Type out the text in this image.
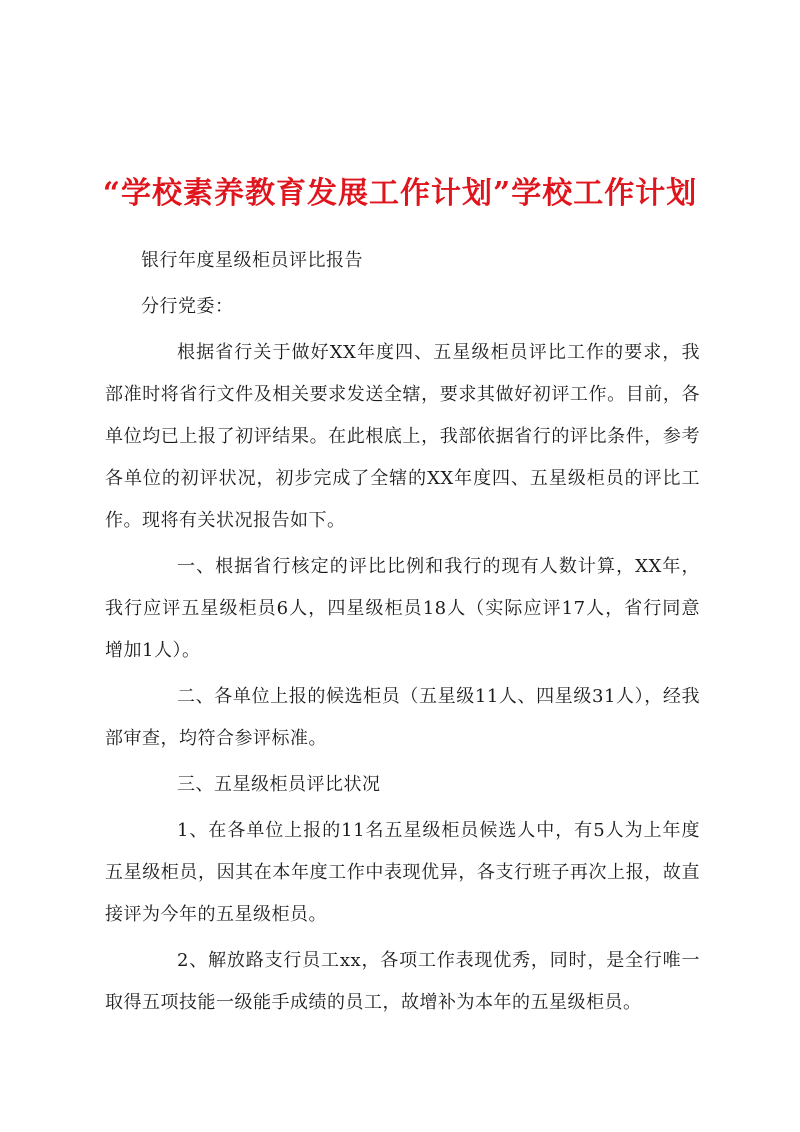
“学校素养教育发展工作计划”学校工作计划

银行年度星级柜员评比报告

分行党委：

根据省行关于做好XX年度四、五星级柜员评比工作的要求，我部准时将省行文件及相关要求发送全辖，要求其做好初评工作。目前，各单位均已上报了初评结果。在此根底上，我部依据省行的评比条件，参考各单位的初评状况，初步完成了全辖的XX年度四、五星级柜员的评比工作。现将有关状况报告如下。

一、根据省行核定的评比比例和我行的现有人数计算，XX年，我行应评五星级柜员6人，四星级柜员18人（实际应评17人，省行同意增加1人）。

二、各单位上报的候选柜员（五星级11人、四星级31人），经我部审查，均符合参评标准。

三、五星级柜员评比状况

1、在各单位上报的11名五星级柜员候选人中，有5人为上年度五星级柜员，因其在本年度工作中表现优异，各支行班子再次上报，故直接评为今年的五星级柜员。

2、解放路支行员工xx，各项工作表现优秀，同时，是全行唯一取得五项技能一级能手成绩的员工，故增补为本年的五星级柜员。
